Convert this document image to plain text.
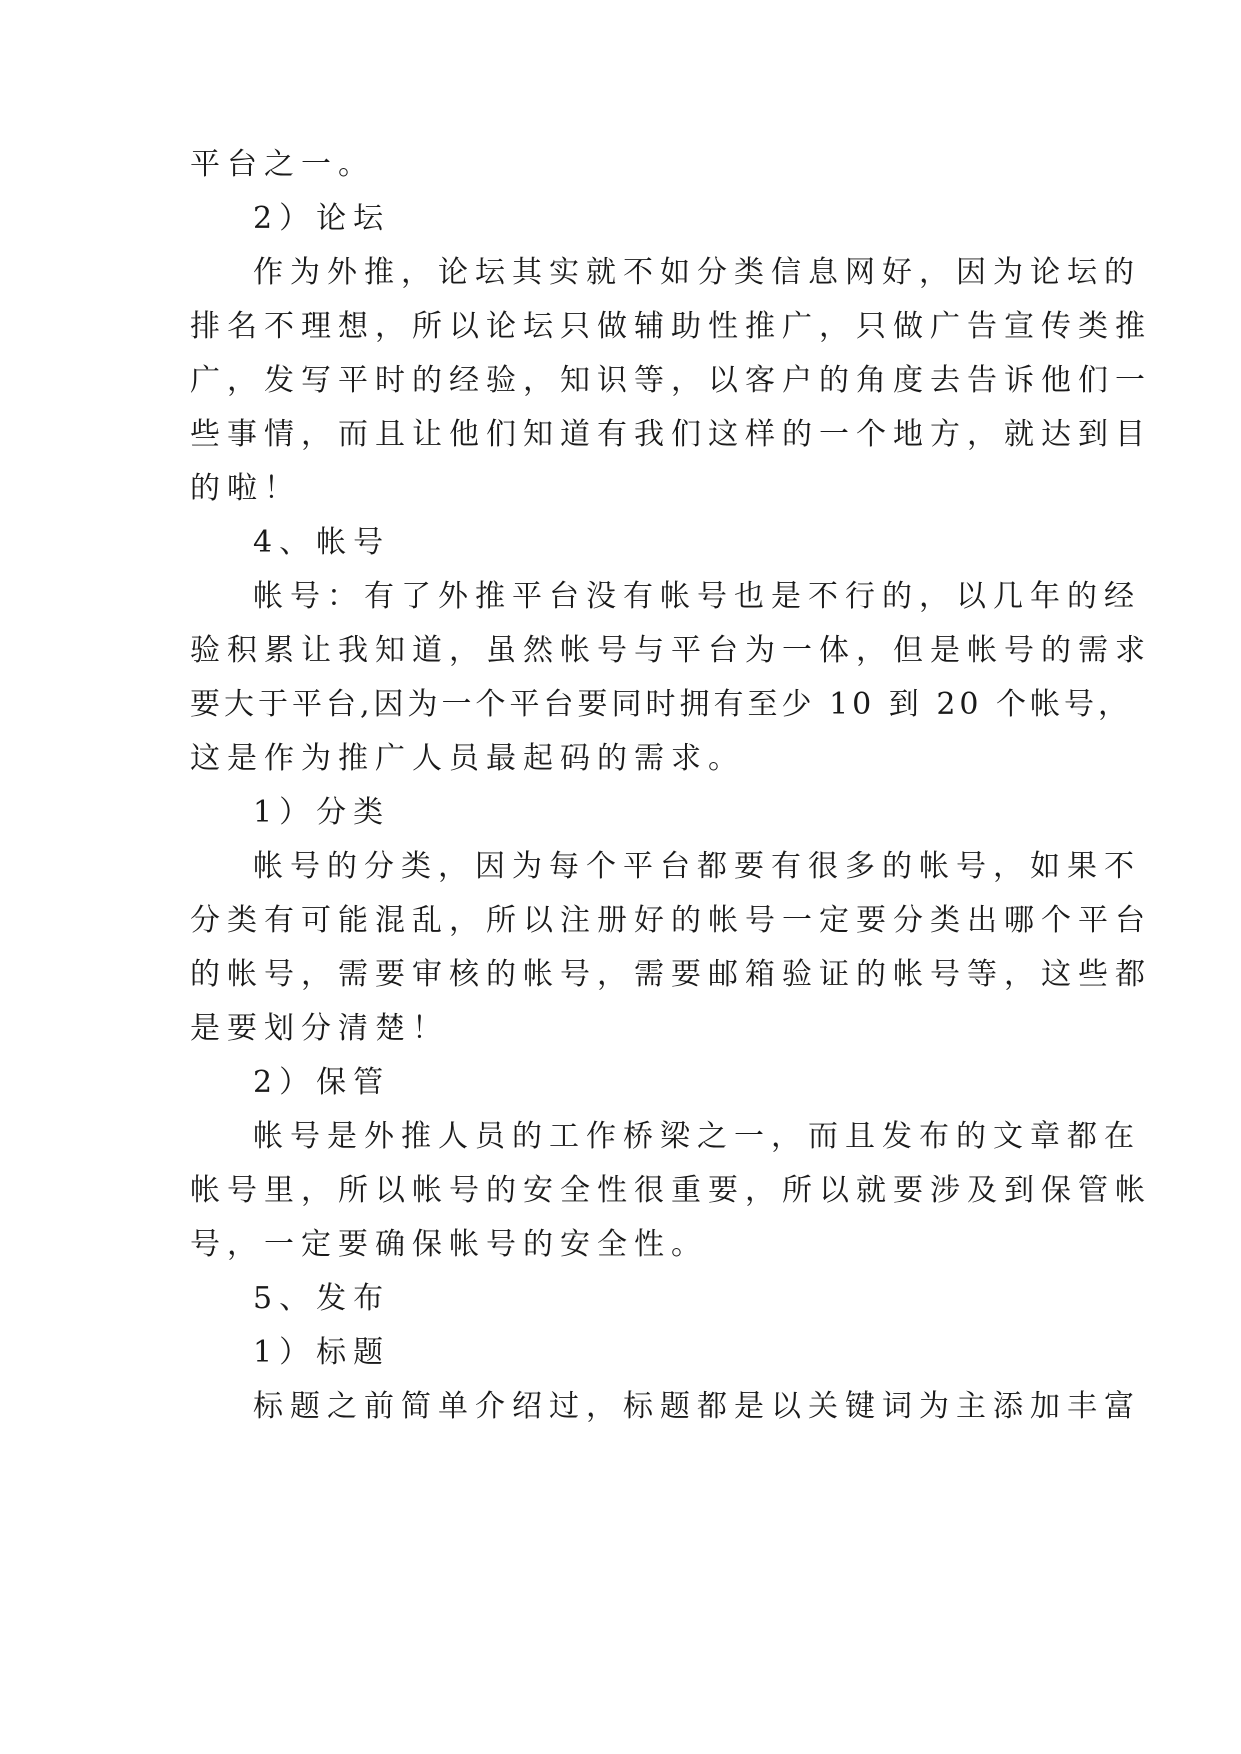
平台之一。
2）论坛
作为外推，论坛其实就不如分类信息网好，因为论坛的
排名不理想，所以论坛只做辅助性推广，只做广告宣传类推
广，发写平时的经验，知识等，以客户的角度去告诉他们一
些事情，而且让他们知道有我们这样的一个地方，就达到目
的啦！
4、帐号
帐号：有了外推平台没有帐号也是不行的，以几年的经
验积累让我知道，虽然帐号与平台为一体，但是帐号的需求
要大于平台,因为一个平台要同时拥有至少 10 到 20 个帐号，
这是作为推广人员最起码的需求。
1）分类
帐号的分类，因为每个平台都要有很多的帐号，如果不
分类有可能混乱，所以注册好的帐号一定要分类出哪个平台
的帐号，需要审核的帐号，需要邮箱验证的帐号等，这些都
是要划分清楚！
2）保管
帐号是外推人员的工作桥梁之一，而且发布的文章都在
帐号里，所以帐号的安全性很重要，所以就要涉及到保管帐
号，一定要确保帐号的安全性。
5、发布
1）标题
标题之前简单介绍过，标题都是以关键词为主添加丰富
